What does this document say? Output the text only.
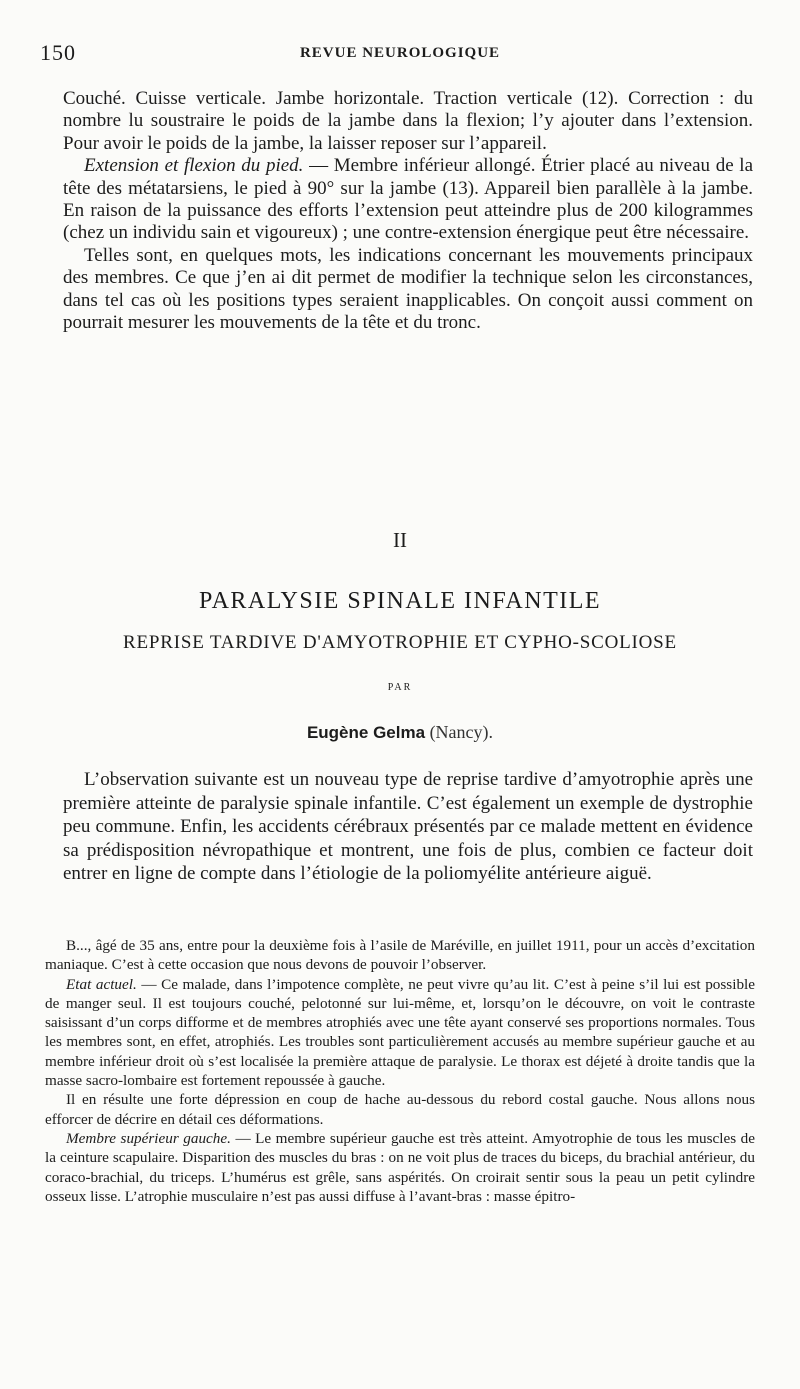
150	REVUE NEUROLOGIQUE

Couché. Cuisse verticale. Jambe horizontale. Traction verticale (12). Correction : du nombre lu soustraire le poids de la jambe dans la flexion; l’y ajouter dans l’extension. Pour avoir le poids de la jambe, la laisser reposer sur l’appareil.

Extension et flexion du pied. — Membre inférieur allongé. Étrier placé au niveau de la tête des métatarsiens, le pied à 90° sur la jambe (13). Appareil bien parallèle à la jambe. En raison de la puissance des efforts l’extension peut atteindre plus de 200 kilogrammes (chez un individu sain et vigoureux) ; une contre-extension énergique peut être nécessaire.

Telles sont, en quelques mots, les indications concernant les mouvements principaux des membres. Ce que j’en ai dit permet de modifier la technique selon les circonstances, dans tel cas où les positions types seraient inapplicables. On conçoit aussi comment on pourrait mesurer les mouvements de la tête et du tronc.

II
PARALYSIE SPINALE INFANTILE
REPRISE TARDIVE D'AMYOTROPHIE ET CYPHO-SCOLIOSE
PAR
Eugène Gelma (Nancy).

L’observation suivante est un nouveau type de reprise tardive d’amyotrophie après une première atteinte de paralysie spinale infantile. C’est également un exemple de dystrophie peu commune. Enfin, les accidents cérébraux présentés par ce malade mettent en évidence sa prédisposition névropathique et montrent, une fois de plus, combien ce facteur doit entrer en ligne de compte dans l’étiologie de la poliomyélite antérieure aiguë.

B..., âgé de 35 ans, entre pour la deuxième fois à l’asile de Maréville, en juillet 1911, pour un accès d’excitation maniaque. C’est à cette occasion que nous devons de pouvoir l’observer.

Etat actuel. — Ce malade, dans l’impotence complète, ne peut vivre qu’au lit. C’est à peine s’il lui est possible de manger seul. Il est toujours couché, pelotonné sur lui-même, et, lorsqu’on le découvre, on voit le contraste saisissant d’un corps difforme et de membres atrophiés avec une tête ayant conservé ses proportions normales. Tous les membres sont, en effet, atrophiés. Les troubles sont particulièrement accusés au membre supérieur gauche et au membre inférieur droit où s’est localisée la première attaque de paralysie. Le thorax est déjeté à droite tandis que la masse sacro-lombaire est fortement repoussée à gauche.

Il en résulte une forte dépression en coup de hache au-dessous du rebord costal gauche. Nous allons nous efforcer de décrire en détail ces déformations.

Membre supérieur gauche. — Le membre supérieur gauche est très atteint. Amyotrophie de tous les muscles de la ceinture scapulaire. Disparition des muscles du bras : on ne voit plus de traces du biceps, du brachial antérieur, du coraco-brachial, du triceps. L’humérus est grêle, sans aspérités. On croirait sentir sous la peau un petit cylindre osseux lisse. L’atrophie musculaire n’est pas aussi diffuse à l’avant-bras : masse épitro-
